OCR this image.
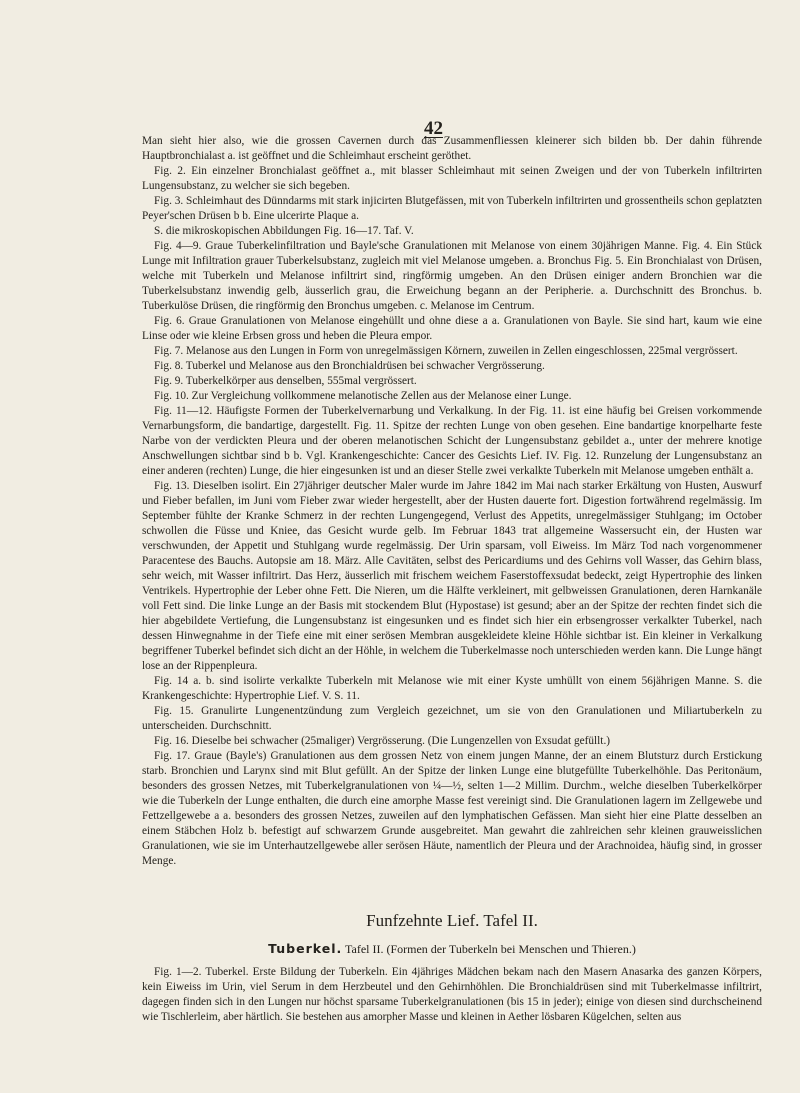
42

Man sieht hier also, wie die grossen Cavernen durch das Zusammenfliessen kleinerer sich bilden bb. Der dahin führende Hauptbronchialast a. ist geöffnet und die Schleimhaut erscheint geröthet.

Fig. 2. Ein einzelner Bronchialast geöffnet a., mit blasser Schleimhaut mit seinen Zweigen und der von Tuberkeln infiltrirten Lungensubstanz, zu welcher sie sich begeben.

Fig. 3. Schleimhaut des Dünndarms mit stark injicirten Blutgefässen, mit von Tuberkeln infiltrirten und grossentheils schon geplatzten Peyer'schen Drüsen b b. Eine ulcerirte Plaque a.

S. die mikroskopischen Abbildungen Fig. 16—17. Taf. V.

Fig. 4—9. Graue Tuberkelinfiltration und Bayle'sche Granulationen mit Melanose von einem 30jährigen Manne. Fig. 4. Ein Stück Lunge mit Infiltration grauer Tuberkelsubstanz, zugleich mit viel Melanose umgeben. a. Bronchus Fig. 5. Ein Bronchialast von Drüsen, welche mit Tuberkeln und Melanose infiltrirt sind, ringförmig umgeben. An den Drüsen einiger andern Bronchien war die Tuberkelsubstanz inwendig gelb, äusserlich grau, die Erweichung begann an der Peripherie. a. Durchschnitt des Bronchus. b. Tuberkulöse Drüsen, die ringförmig den Bronchus umgeben. c. Melanose im Centrum.

Fig. 6. Graue Granulationen von Melanose eingehüllt und ohne diese a a. Granulationen von Bayle. Sie sind hart, kaum wie eine Linse oder wie kleine Erbsen gross und heben die Pleura empor.

Fig. 7. Melanose aus den Lungen in Form von unregelmässigen Körnern, zuweilen in Zellen eingeschlossen, 225mal vergrössert.

Fig. 8. Tuberkel und Melanose aus den Bronchialdrüsen bei schwacher Vergrösserung.

Fig. 9. Tuberkelkörper aus denselben, 555mal vergrössert.

Fig. 10. Zur Vergleichung vollkommene melanotische Zellen aus der Melanose einer Lunge.

Fig. 11—12. Häufigste Formen der Tuberkelvernarbung und Verkalkung. In der Fig. 11. ist eine häufig bei Greisen vorkommende Vernarbungsform, die bandartige, dargestellt. Fig. 11. Spitze der rechten Lunge von oben gesehen. Eine bandartige knorpelharte feste Narbe von der verdickten Pleura und der oberen melanotischen Schicht der Lungensubstanz gebildet a., unter der mehrere knotige Anschwellungen sichtbar sind b b. Vgl. Krankengeschichte: Cancer des Gesichts Lief. IV. Fig. 12. Runzelung der Lungensubstanz an einer anderen (rechten) Lunge, die hier eingesunken ist und an dieser Stelle zwei verkalkte Tuberkeln mit Melanose umgeben enthält a.

Fig. 13. Dieselben isolirt. Ein 27jähriger deutscher Maler wurde im Jahre 1842 im Mai nach starker Erkältung von Husten, Auswurf und Fieber befallen, im Juni vom Fieber zwar wieder hergestellt, aber der Husten dauerte fort. Digestion fortwährend regelmässig. Im September fühlte der Kranke Schmerz in der rechten Lungengegend, Verlust des Appetits, unregelmässiger Stuhlgang; im October schwollen die Füsse und Kniee, das Gesicht wurde gelb. Im Februar 1843 trat allgemeine Wassersucht ein, der Husten war verschwunden, der Appetit und Stuhlgang wurde regelmässig. Der Urin sparsam, voll Eiweiss. Im März Tod nach vorgenommener Paracentese des Bauchs. Autopsie am 18. März. Alle Cavitäten, selbst des Pericardiums und des Gehirns voll Wasser, das Gehirn blass, sehr weich, mit Wasser infiltrirt. Das Herz, äusserlich mit frischem weichem Faserstoffexsudat bedeckt, zeigt Hypertrophie des linken Ventrikels. Hypertrophie der Leber ohne Fett. Die Nieren, um die Hälfte verkleinert, mit gelbweissen Granulationen, deren Harnkanäle voll Fett sind. Die linke Lunge an der Basis mit stockendem Blut (Hypostase) ist gesund; aber an der Spitze der rechten findet sich die hier abgebildete Vertiefung, die Lungensubstanz ist eingesunken und es findet sich hier ein erbsengrosser verkalkter Tuberkel, nach dessen Hinwegnahme in der Tiefe eine mit einer serösen Membran ausgekleidete kleine Höhle sichtbar ist. Ein kleiner in Verkalkung begriffener Tuberkel befindet sich dicht an der Höhle, in welchem die Tuberkelmasse noch unterschieden werden kann. Die Lunge hängt lose an der Rippenpleura.

Fig. 14 a. b. sind isolirte verkalkte Tuberkeln mit Melanose wie mit einer Kyste umhüllt von einem 56jährigen Manne. S. die Krankengeschichte: Hypertrophie Lief. V. S. 11.

Fig. 15. Granulirte Lungenentzündung zum Vergleich gezeichnet, um sie von den Granulationen und Miliartuberkeln zu unterscheiden. Durchschnitt.

Fig. 16. Dieselbe bei schwacher (25maliger) Vergrösserung. (Die Lungenzellen von Exsudat gefüllt.)

Fig. 17. Graue (Bayle's) Granulationen aus dem grossen Netz von einem jungen Manne, der an einem Blutsturz durch Erstickung starb. Bronchien und Larynx sind mit Blut gefüllt. An der Spitze der linken Lunge eine blutgefüllte Tuberkelhöhle. Das Peritonäum, besonders des grossen Netzes, mit Tuberkelgranulationen von ¼—½, selten 1—2 Millim. Durchm., welche dieselben Tuberkelkörper wie die Tuberkeln der Lunge enthalten, die durch eine amorphe Masse fest vereinigt sind. Die Granulationen lagern im Zellgewebe und Fettzellgewebe a a. besonders des grossen Netzes, zuweilen auf den lymphatischen Gefässen. Man sieht hier eine Platte desselben an einem Stäbchen Holz b. befestigt auf schwarzem Grunde ausgebreitet. Man gewahrt die zahlreichen sehr kleinen grauweisslichen Granulationen, wie sie im Unterhautzellgewebe aller serösen Häute, namentlich der Pleura und der Arachnoidea, häufig sind, in grosser Menge.

Funfzehnte Lief. Tafel II.
Tuberkel. Tafel II. (Formen der Tuberkeln bei Menschen und Thieren.)

Fig. 1—2. Tuberkel. Erste Bildung der Tuberkeln. Ein 4jähriges Mädchen bekam nach den Masern Anasarka des ganzen Körpers, kein Eiweiss im Urin, viel Serum in dem Herzbeutel und den Gehirnhöhlen. Die Bronchialdrüsen sind mit Tuberkelmasse infiltrirt, dagegen finden sich in den Lungen nur höchst sparsame Tuberkelgranulationen (bis 15 in jeder); einige von diesen sind durchscheinend wie Tischlerleim, aber härtlich. Sie bestehen aus amorpher Masse und kleinen in Aether lösbaren Kügelchen, selten aus
